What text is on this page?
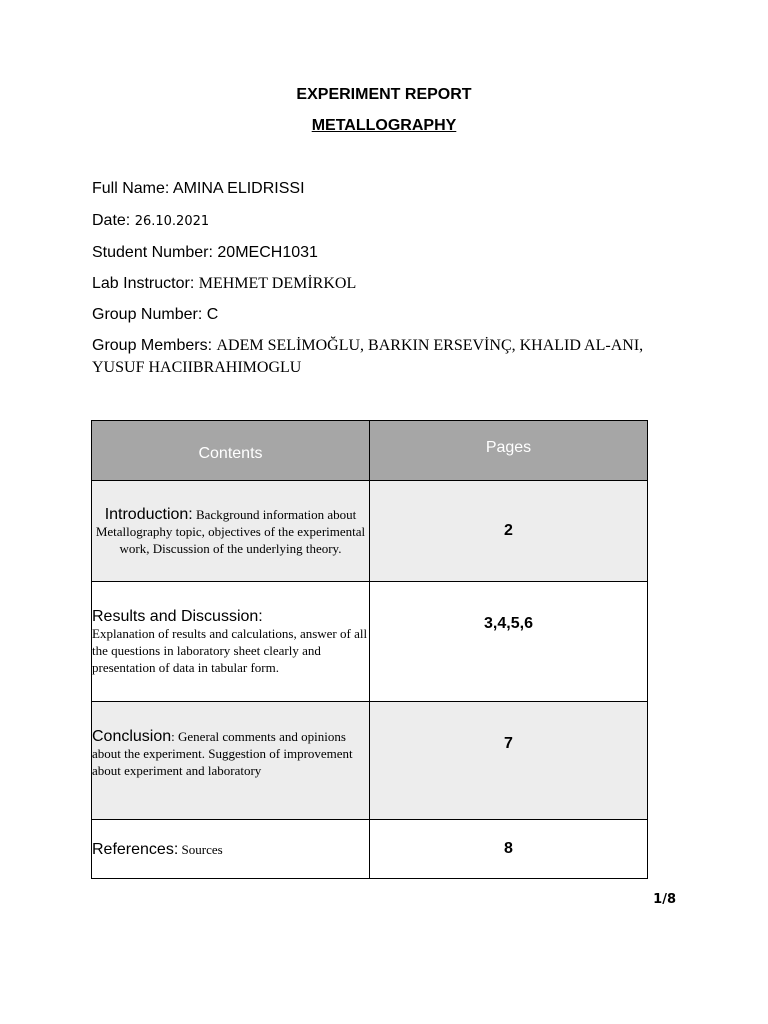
EXPERIMENT REPORT
METALLOGRAPHY
Full Name: AMINA ELIDRISSI
Date: 26.10.2021
Student Number: 20MECH1031
Lab Instructor: MEHMET DEMİRKOL
Group Number: C
Group Members: ADEM SELİMOĞLU, BARKIN ERSEVİNÇ, KHALID AL-ANI, YUSUF HACIIBRAHIMOGLU
Contents	Pages
Introduction: Background information about Metallography topic, objectives of the experimental work, Discussion of the underlying theory.	2

Results and Discussion:
Explanation of results and calculations, answer of all the questions in laboratory sheet clearly and presentation of data in tabular form.	3,4,5,6
Conclusion: General comments and opinions about the experiment. Suggestion of improvement about experiment and laboratory	7
References: Sources	8
1/8
